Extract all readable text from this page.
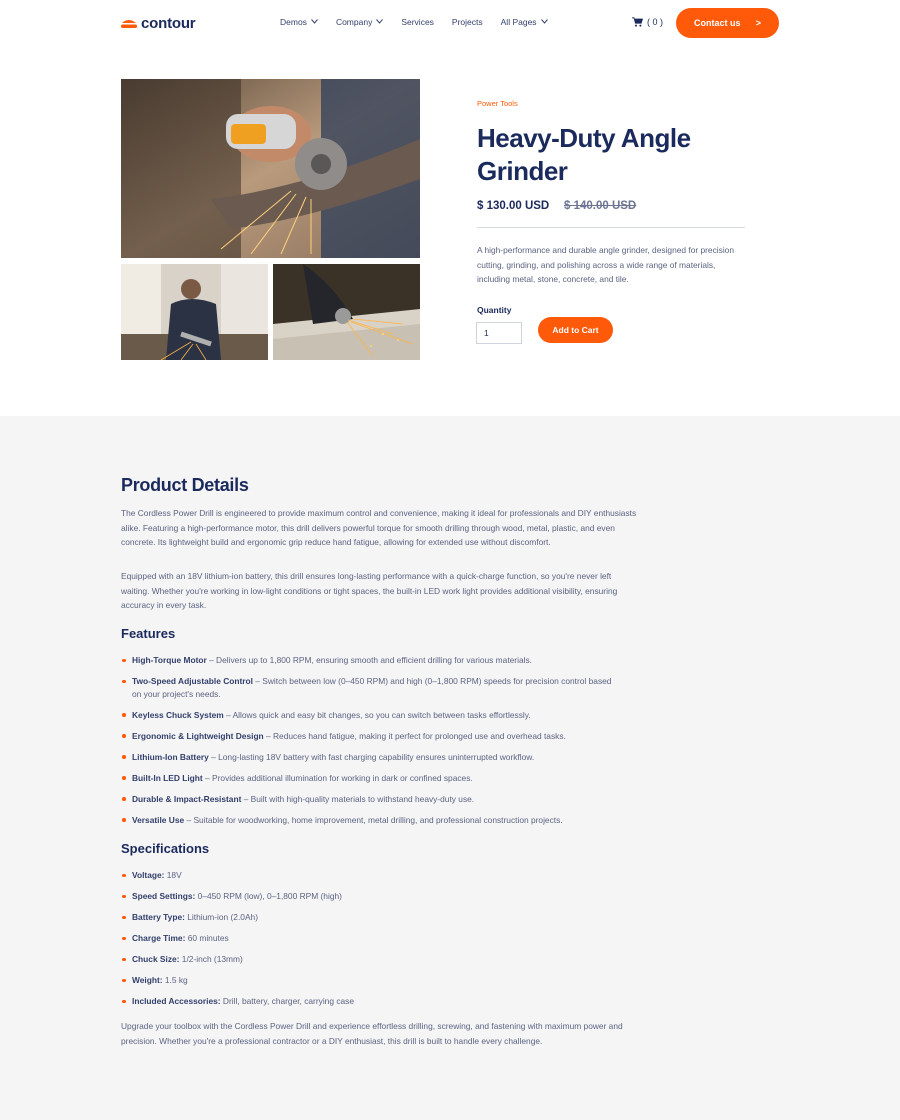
contour	Demos	Company	Services Projects All Pages	( 0 )	Contact us >
Power Tools
Heavy-Duty Angle Grinder
$ 130.00 USD $ 140.00 USD

A high-performance and durable angle grinder, designed for precision cutting, grinding, and polishing across a wide range of materials, including metal, stone, concrete, and tile.

Quantity
1
Add to Cart
Product Details

The Cordless Power Drill is engineered to provide maximum control and convenience, making it ideal for professionals and DIY enthusiasts alike. Featuring a high-performance motor, this drill delivers powerful torque for smooth drilling through wood, metal, plastic, and even concrete. Its lightweight build and ergonomic grip reduce hand fatigue, allowing for extended use without discomfort.

Equipped with an 18V lithium-ion battery, this drill ensures long-lasting performance with a quick-charge function, so you're never left waiting. Whether you're working in low-light conditions or tight spaces, the built-in LED work light provides additional visibility, ensuring accuracy in every task.

Features
High-Torque Motor – Delivers up to 1,800 RPM, ensuring smooth and efficient drilling for various materials.
Two-Speed Adjustable Control – Switch between low (0–450 RPM) and high (0–1,800 RPM) speeds for precision control based on your project's needs.
Keyless Chuck System – Allows quick and easy bit changes, so you can switch between tasks effortlessly.
Ergonomic & Lightweight Design – Reduces hand fatigue, making it perfect for prolonged use and overhead tasks.
Lithium-Ion Battery – Long-lasting 18V battery with fast charging capability ensures uninterrupted workflow.
Built-In LED Light – Provides additional illumination for working in dark or confined spaces.
Durable & Impact-Resistant – Built with high-quality materials to withstand heavy-duty use.
Versatile Use – Suitable for woodworking, home improvement, metal drilling, and professional construction projects.
Specifications
Voltage: 18V
Speed Settings: 0–450 RPM (low), 0–1,800 RPM (high)
Battery Type: Lithium-ion (2.0Ah)
Charge Time: 60 minutes
Chuck Size: 1/2-inch (13mm)
Weight: 1.5 kg
Included Accessories: Drill, battery, charger, carrying case

Upgrade your toolbox with the Cordless Power Drill and experience effortless drilling, screwing, and fastening with maximum power and precision. Whether you're a professional contractor or a DIY enthusiast, this drill is built to handle every challenge.
